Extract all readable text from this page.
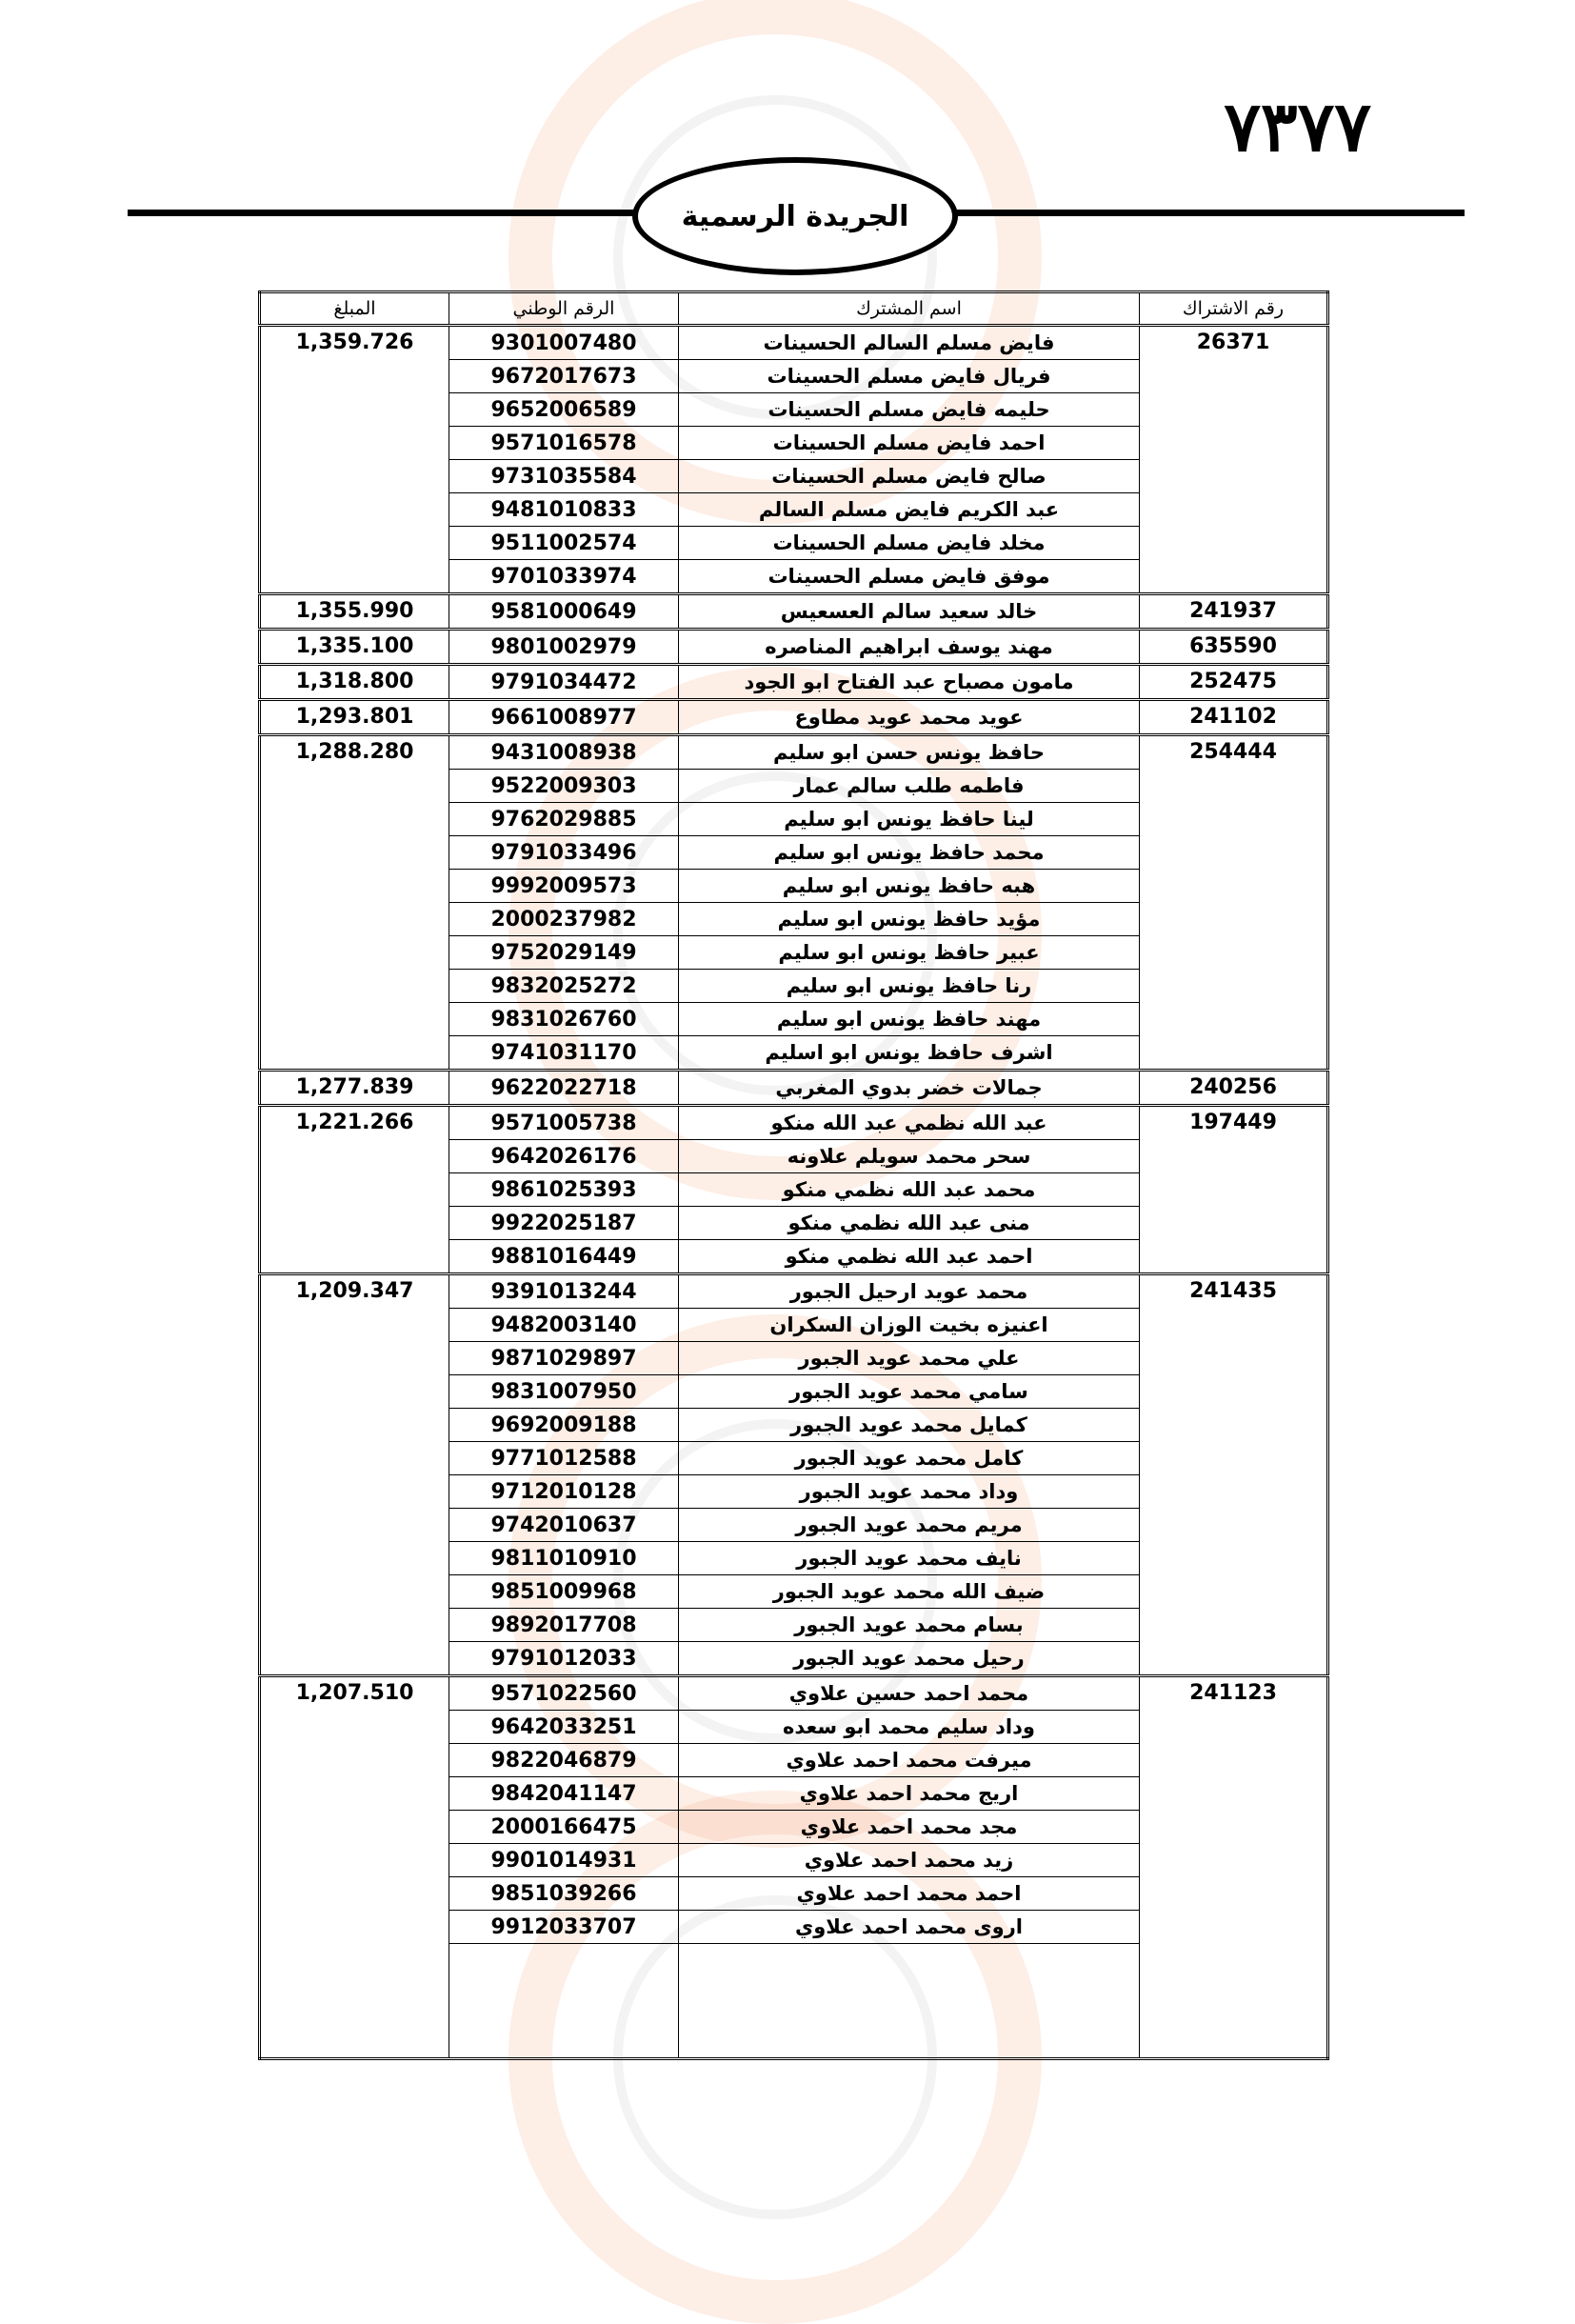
٧٣٧٧
الجريدة الرسمية
رقم الاشتراك	اسم المشترك	الرقم الوطني	المبلغ
26371	فايض مسلم السالم الحسينات	9301007480	1,359.726
	فريال فايض مسلم الحسينات	9672017673	
	حليمه فايض مسلم الحسينات	9652006589	
	احمد فايض مسلم الحسينات	9571016578	
	صالح فايض مسلم الحسينات	9731035584	
	عبد الكريم فايض مسلم السالم	9481010833	
	مخلد فايض مسلم الحسينات	9511002574	
	موفق فايض مسلم الحسينات	9701033974	
241937	خالد سعيد سالم العسعيس	9581000649	1,355.990
635590	مهند يوسف ابراهيم المناصره	9801002979	1,335.100
252475	مامون مصباح عبد الفتاح ابو الجود	9791034472	1,318.800
241102	عويد محمد عويد مطاوع	9661008977	1,293.801
254444	حافظ يونس حسن ابو سليم	9431008938	1,288.280
	فاطمه طلب سالم عمار	9522009303	
	لينا حافظ يونس ابو سليم	9762029885	
	محمد حافظ يونس ابو سليم	9791033496	
	هبه حافظ يونس ابو سليم	9992009573	
	مؤيد حافظ يونس ابو سليم	2000237982	
	عبير حافظ يونس ابو سليم	9752029149	
	رنا حافظ يونس ابو سليم	9832025272	
	مهند حافظ يونس ابو سليم	9831026760	
	اشرف حافظ يونس ابو اسليم	9741031170	
240256	جمالات خضر بدوي المغربي	9622022718	1,277.839
197449	عبد الله نظمي عبد الله منكو	9571005738	1,221.266
	سحر محمد سويلم علاونه	9642026176	
	محمد عبد الله نظمي منكو	9861025393	
	منى عبد الله نظمي منكو	9922025187	
	احمد عبد الله نظمي منكو	9881016449	
241435	محمد عويد ارحيل الجبور	9391013244	1,209.347
	اعنيزه بخيت الوزان السكران	9482003140	
	علي محمد عويد الجبور	9871029897	
	سامي محمد عويد الجبور	9831007950	
	كمايل محمد عويد الجبور	9692009188	
	كامل محمد عويد الجبور	9771012588	
	وداد محمد عويد الجبور	9712010128	
	مريم محمد عويد الجبور	9742010637	
	نايف محمد عويد الجبور	9811010910	
	ضيف الله محمد عويد الجبور	9851009968	
	بسام محمد عويد الجبور	9892017708	
	رحيل محمد عويد الجبور	9791012033	
241123	محمد احمد حسين علاوي	9571022560	1,207.510
	وداد سليم محمد ابو سعده	9642033251	
	ميرفت محمد احمد علاوي	9822046879	
	اريج محمد احمد علاوي	9842041147	
	مجد محمد احمد علاوي	2000166475	
	زيد محمد احمد علاوي	9901014931	
	احمد محمد احمد علاوي	9851039266	
	اروى محمد احمد علاوي	9912033707	
